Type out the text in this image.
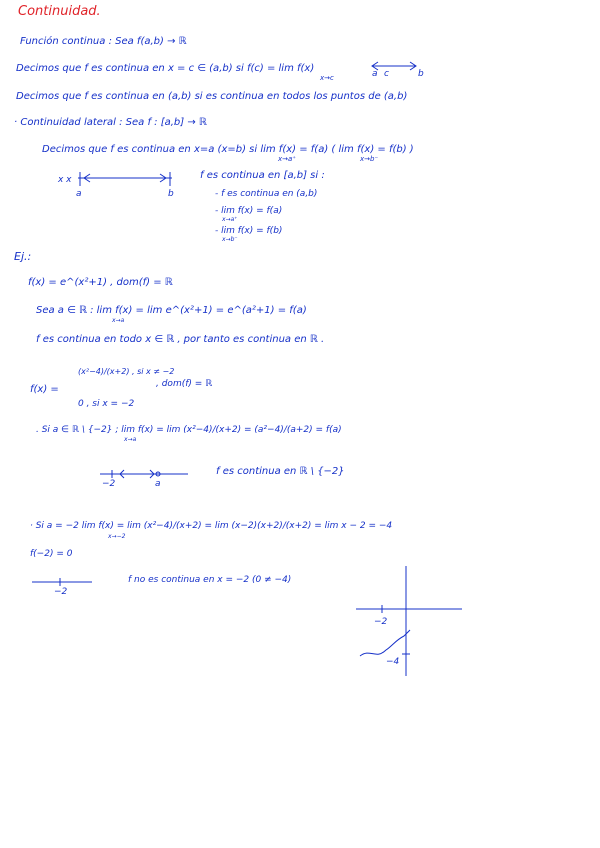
Continuidad.
Función continua : Sea f(a,b) → ℝ
Decimos que f es continua en x = c ∈ (a,b) si f(c) = lim f(x)
x→c
Decimos que f es continua en (a,b) si es continua en todos los puntos de (a,b)
· Continuidad lateral : Sea f : [a,b] → ℝ
Decimos que f es continua en x=a (x=b) si lim f(x) = f(a) ( lim f(x) = f(b) )
x→a⁺	x→b⁻
f es continua en [a,b] si :
- f es continua en (a,b)
- lim f(x) = f(a)
x→a⁺
- lim f(x) = f(b)
x→b⁻
Ej.:
f(x) = e^(x²+1) , dom(f) = ℝ
Sea a ∈ ℝ : lim f(x) = lim e^(x²+1) = e^(a²+1) = f(a)
x→a
f es continua en todo x ∈ ℝ , por tanto es continua en ℝ .
f(x) =
(x²−4)/(x+2) , si x ≠ −2
0 , si x = −2
, dom(f) = ℝ
. Si a ∈ ℝ \ {−2} ; lim f(x) = lim (x²−4)/(x+2) = (a²−4)/(a+2) = f(a)
x→a
f es continua en ℝ \ {−2}
· Si a = −2 lim f(x) = lim (x²−4)/(x+2) = lim (x−2)(x+2)/(x+2) = lim x − 2 = −4
x→−2
f(−2) = 0
f no es continua en x = −2 (0 ≠ −4)
a c	b
x x
a	b
−2	a
−2
−2
−4
